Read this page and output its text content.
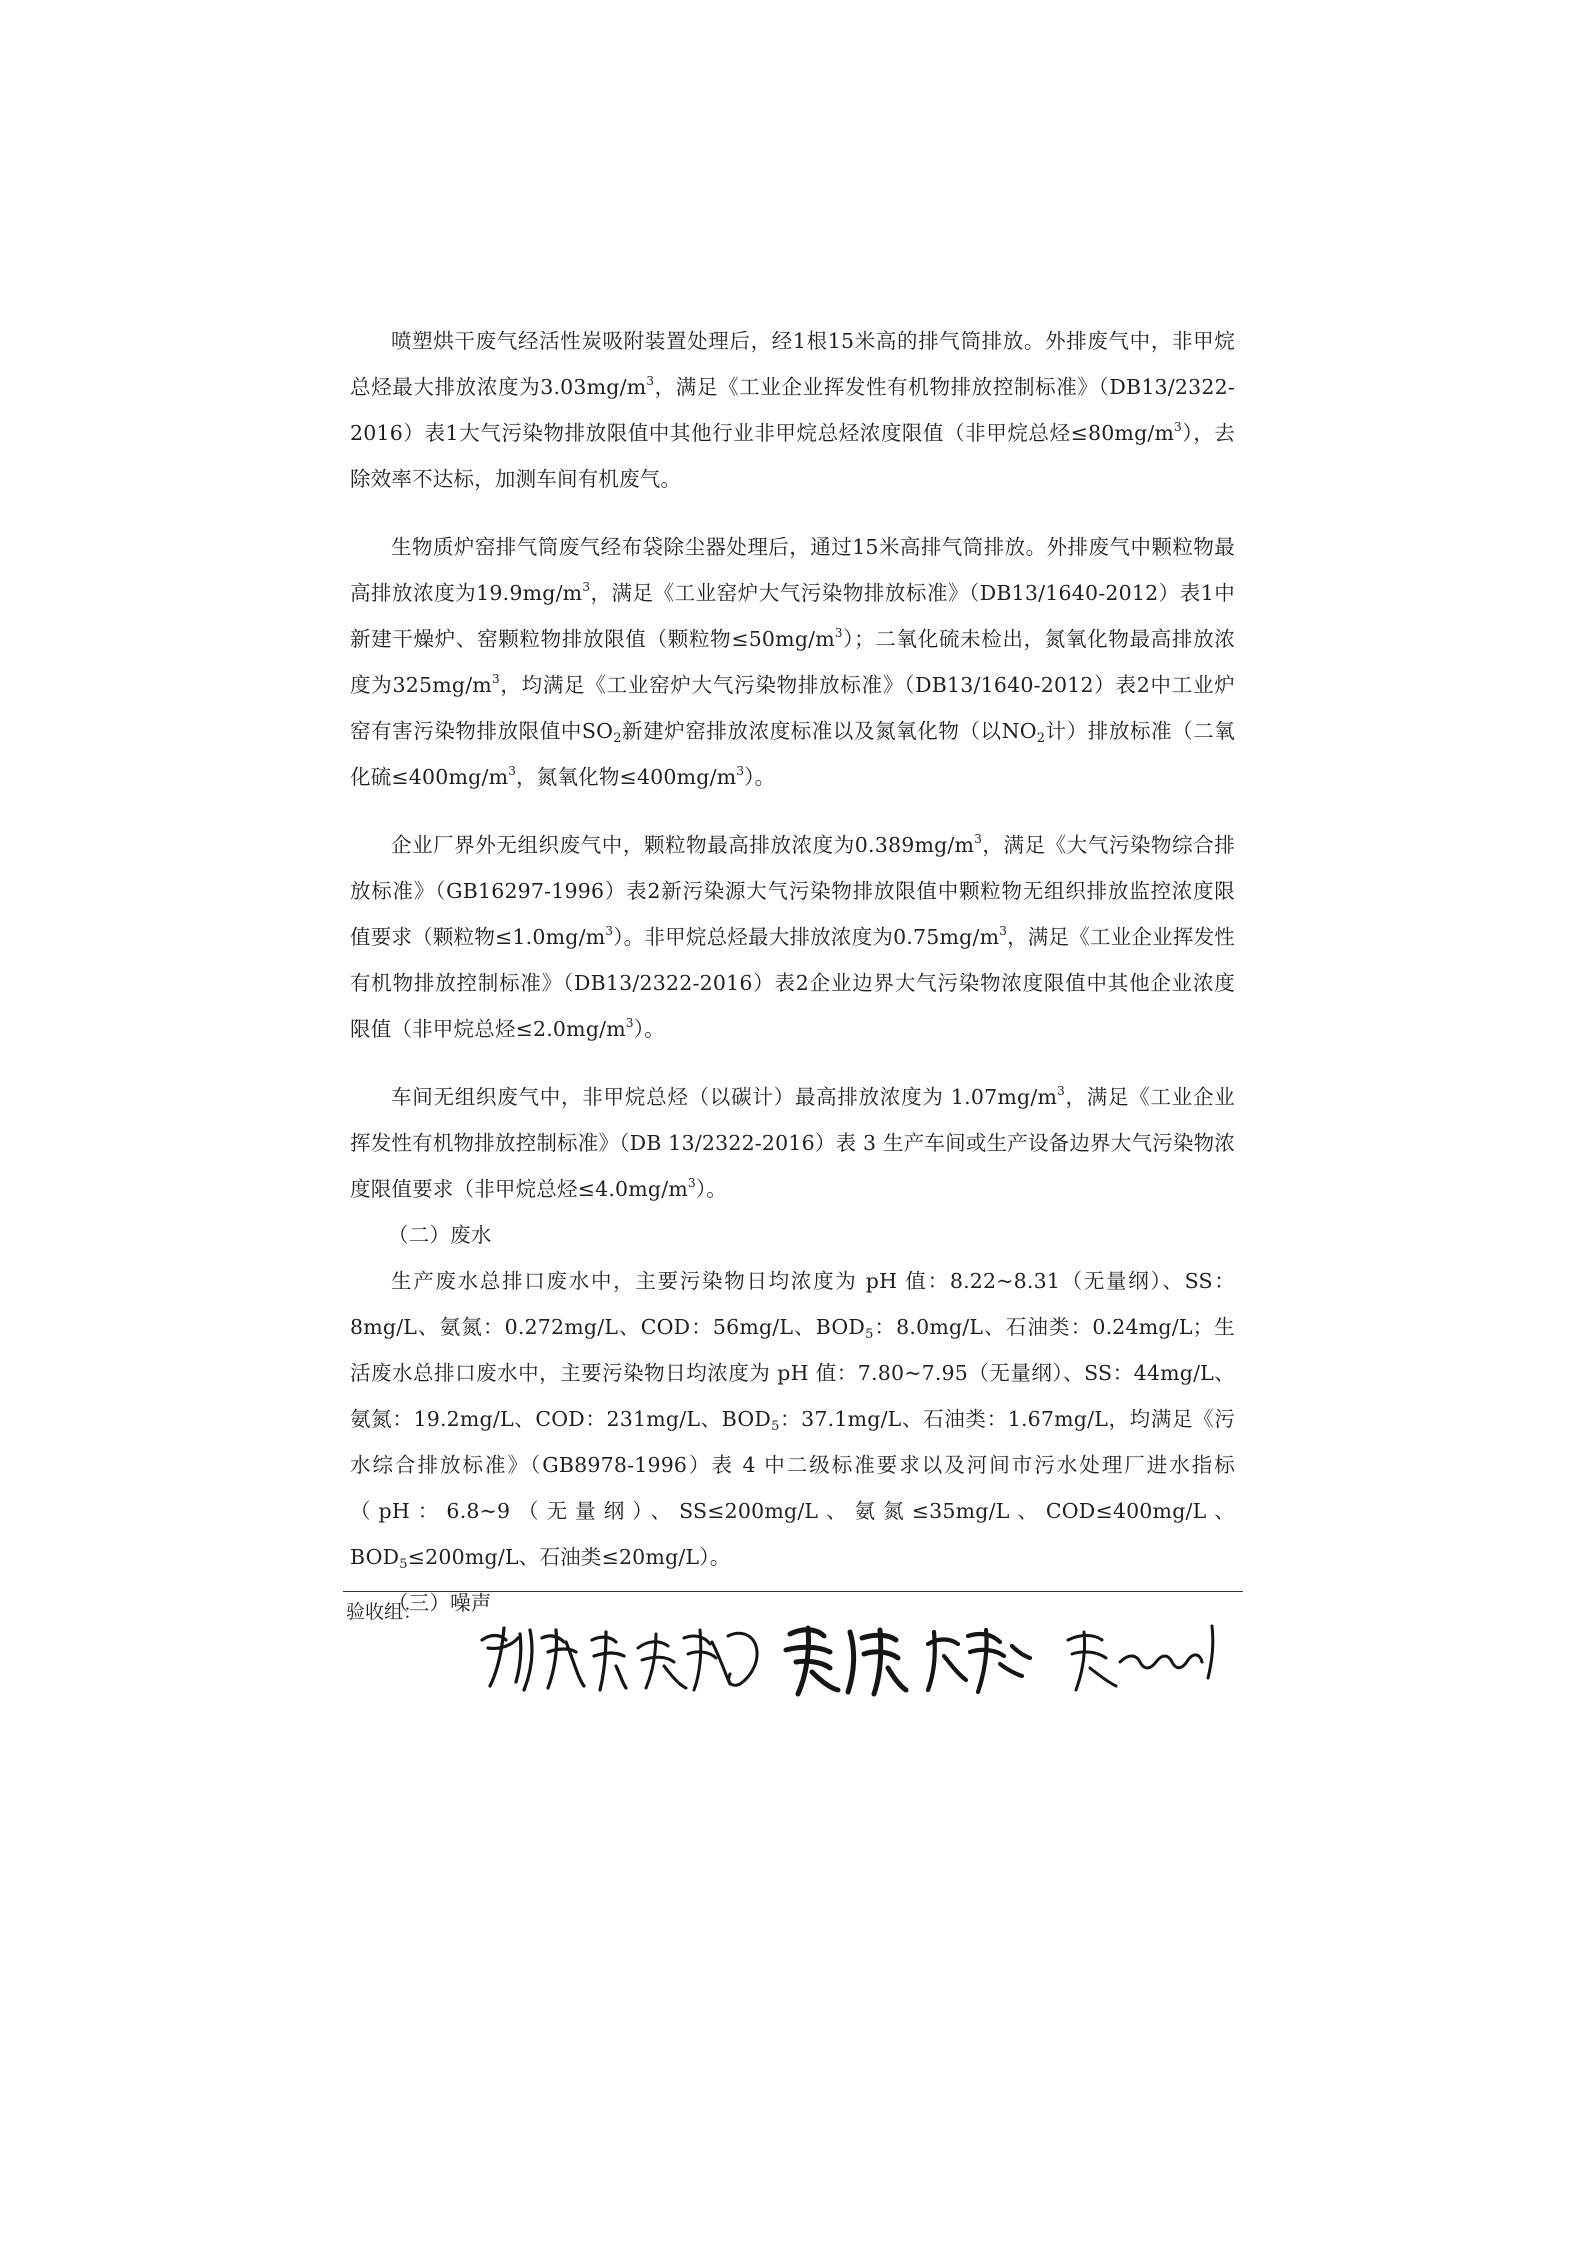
喷塑烘干废气经活性炭吸附装置处理后，经1根15米高的排气筒排放。外排废气中，非甲烷总烃最大排放浓度为$3.03mg/m^3$，满足《工业企业挥发性有机物排放控制标准》（DB13/2322-2016）表1大气污染物排放限值中其他行业非甲烷总烃浓度限值（非甲烷总烃$\le 80mg/m^3$），去除效率不达标，加测车间有机废气。

生物质炉窑排气筒废气经布袋除尘器处理后，通过15米高排气筒排放。外排废气中颗粒物最高排放浓度为$19.9mg/m^3$，满足《工业窑炉大气污染物排放标准》（DB13/1640-2012）表1中新建干燥炉、窑颗粒物排放限值（颗粒物$\le 50mg/m^3$）；二氧化硫未检出，氮氧化物最高排放浓度为$325mg/m^3$，均满足《工业窑炉大气污染物排放标准》（DB13/1640-2012）表2中工业炉窑有害污染物排放限值中$SO_2$新建炉窑排放浓度标准以及氮氧化物（以$NO_2$计）排放标准（二氧化硫$\le 400mg/m^3$，氮氧化物$\le 400mg/m^3$）。

企业厂界外无组织废气中，颗粒物最高排放浓度为$0.389mg/m^3$，满足《大气污染物综合排放标准》（GB16297-1996）表2新污染源大气污染物排放限值中颗粒物无组织排放监控浓度限值要求（颗粒物$\le 1.0mg/m^3$）。非甲烷总烃最大排放浓度为$0.75mg/m^3$，满足《工业企业挥发性有机物排放控制标准》（DB13/2322-2016）表2企业边界大气污染物浓度限值中其他企业浓度限值（非甲烷总烃$\le 2.0mg/m^3$）。

车间无组织废气中，非甲烷总烃（以碳计）最高排放浓度为 $1.07mg/m^3$，满足《工业企业挥发性有机物排放控制标准》（DB 13/2322-2016）表 3 生产车间或生产设备边界大气污染物浓度限值要求（非甲烷总烃$\le 4.0mg/m^3$）。

（二）废水

生产废水总排口废水中，主要污染物日均浓度为 pH 值：8.22~8.31（无量纲）、SS：8mg/L、氨氮：0.272mg/L、COD：56mg/L、$BOD_5$：8.0mg/L、石油类：0.24mg/L；生活废水总排口废水中，主要污染物日均浓度为 pH 值：7.80~7.95（无量纲）、SS：44mg/L、氨氮：19.2mg/L、COD：231mg/L、$BOD_5$：37.1mg/L、石油类：1.67mg/L，均满足《污水综合排放标准》（GB8978-1996）表 4 中二级标准要求以及河间市污水处理厂进水指标（pH：6.8~9（无量纲）、SS≤200mg/L、氨氮≤35mg/L、COD≤400mg/L、$BOD_5\le 200mg/L$、石油类≤20mg/L）。

（三）噪声

验收组：
